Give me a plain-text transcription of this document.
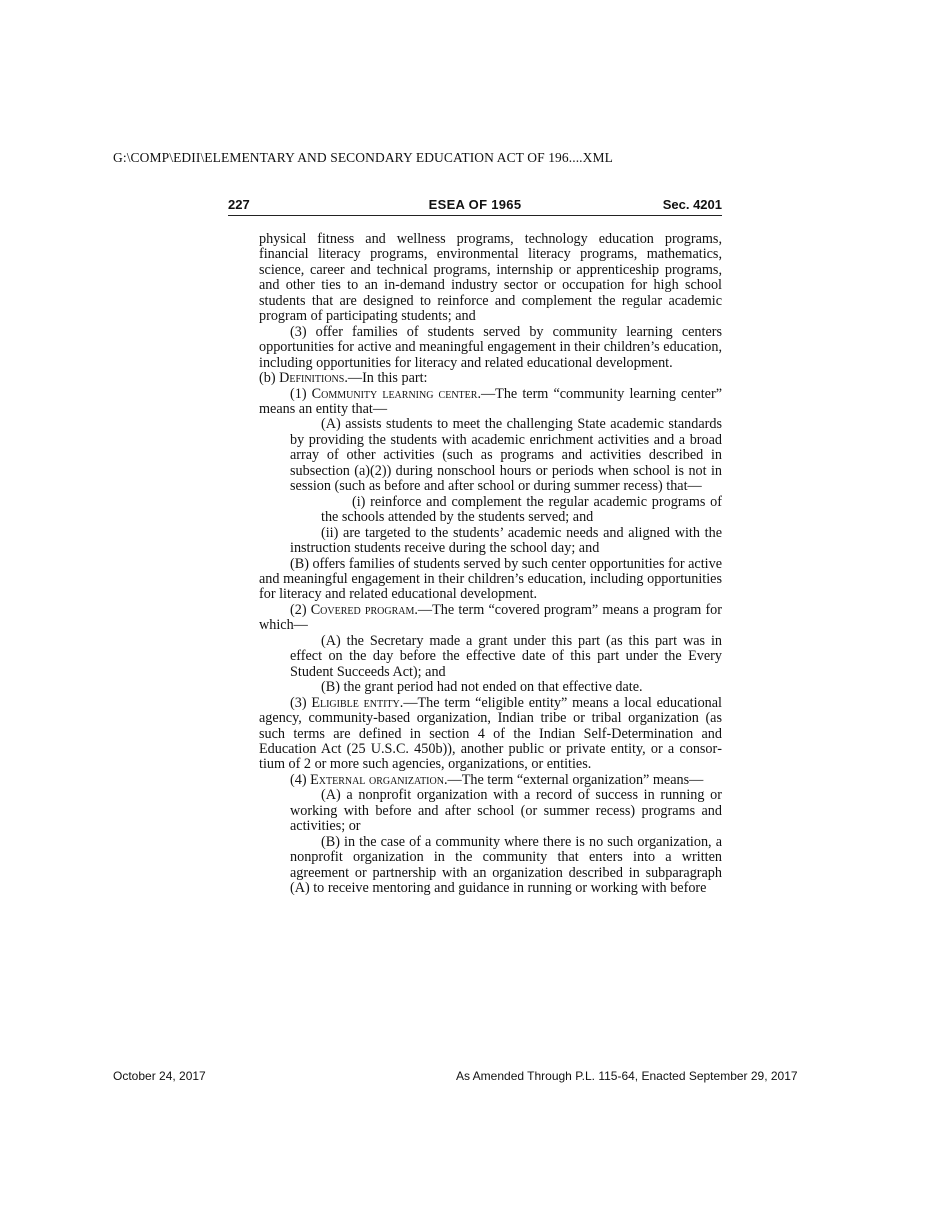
G:\COMP\EDII\ELEMENTARY AND SECONDARY EDUCATION ACT OF 196....XML
ESEA OF 1965
227	Sec. 4201

physical fitness and wellness programs, technology education programs, financial literacy programs, environmental literacy programs, mathematics, science, career and technical programs, internship or apprenticeship programs, and other ties to an in-demand industry sector or occupation for high school students that are designed to reinforce and complement the regular academic program of participating students; and

(3) offer families of students served by community learning centers opportunities for active and meaningful engagement in their children’s education, including opportunities for literacy and related educational development.

(b) Definitions.—In this part:

(1) Community learning center.—The term “community learning center” means an entity that—

(A) assists students to meet the challenging State academic standards by providing the students with academic enrichment activities and a broad array of other activities (such as programs and activities described in subsection (a)(2)) during nonschool hours or periods when school is not in session (such as before and after school or during summer recess) that—

(i) reinforce and complement the regular academic programs of the schools attended by the students served; and

(ii) are targeted to the students’ academic needs and aligned with the instruction students receive during the school day; and

(B) offers families of students served by such center opportunities for active and meaningful engagement in their children’s education, including opportunities for literacy and related educational development.

(2) Covered program.—The term “covered program” means a program for which—

(A) the Secretary made a grant under this part (as this part was in effect on the day before the effective date of this part under the Every Student Succeeds Act); and

(B) the grant period had not ended on that effective date.

(3) Eligible entity.—The term “eligible entity” means a local educational agency, community-based organization, Indian tribe or tribal organization (as such terms are defined in section 4 of the Indian Self-Determination and Education Act (25 U.S.C. 450b)), another public or private entity, or a consortium of 2 or more such agencies, organizations, or entities.

(4) External organization.—The term “external organization” means—

(A) a nonprofit organization with a record of success in running or working with before and after school (or summer recess) programs and activities; or

(B) in the case of a community where there is no such organization, a nonprofit organization in the community that enters into a written agreement or partnership with an organization described in subparagraph (A) to receive mentoring and guidance in running or working with before

October 24, 2017	As Amended Through P.L. 115-64, Enacted September 29, 2017
